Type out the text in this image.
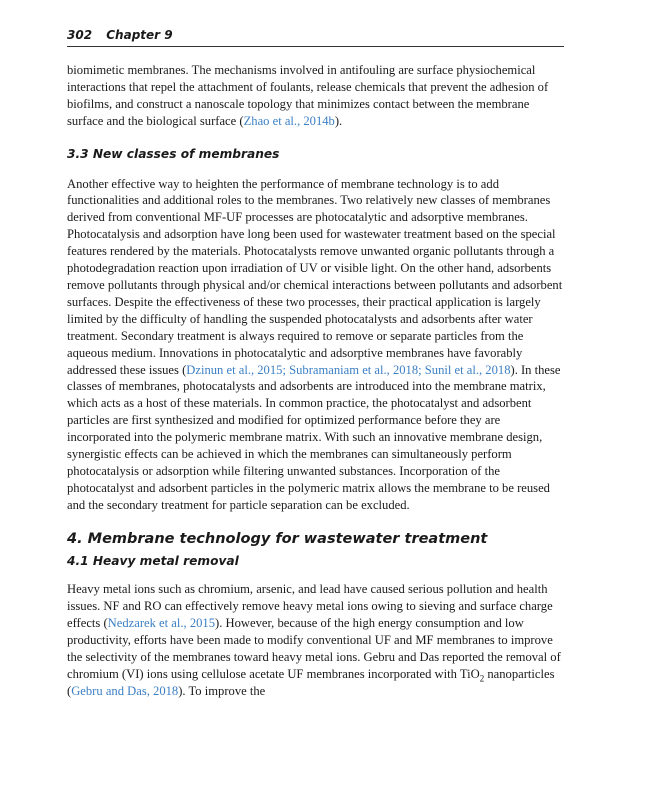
302 Chapter 9

biomimetic membranes. The mechanisms involved in antifouling are surface physiochemical interactions that repel the attachment of foulants, release chemicals that prevent the adhesion of biofilms, and construct a nanoscale topology that minimizes contact between the membrane surface and the biological surface (Zhao et al., 2014b).

3.3 New classes of membranes

Another effective way to heighten the performance of membrane technology is to add functionalities and additional roles to the membranes. Two relatively new classes of membranes derived from conventional MF-UF processes are photocatalytic and adsorptive membranes. Photocatalysis and adsorption have long been used for wastewater treatment based on the special features rendered by the materials. Photocatalysts remove unwanted organic pollutants through a photodegradation reaction upon irradiation of UV or visible light. On the other hand, adsorbents remove pollutants through physical and/or chemical interactions between pollutants and adsorbent surfaces. Despite the effectiveness of these two processes, their practical application is largely limited by the difficulty of handling the suspended photocatalysts and adsorbents after water treatment. Secondary treatment is always required to remove or separate particles from the aqueous medium. Innovations in photocatalytic and adsorptive membranes have favorably addressed these issues (Dzinun et al., 2015; Subramaniam et al., 2018; Sunil et al., 2018). In these classes of membranes, photocatalysts and adsorbents are introduced into the membrane matrix, which acts as a host of these materials. In common practice, the photocatalyst and adsorbent particles are first synthesized and modified for optimized performance before they are incorporated into the polymeric membrane matrix. With such an innovative membrane design, synergistic effects can be achieved in which the membranes can simultaneously perform photocatalysis or adsorption while filtering unwanted substances. Incorporation of the photocatalyst and adsorbent particles in the polymeric matrix allows the membrane to be reused and the secondary treatment for particle separation can be excluded.

4. Membrane technology for wastewater treatment
4.1 Heavy metal removal

Heavy metal ions such as chromium, arsenic, and lead have caused serious pollution and health issues. NF and RO can effectively remove heavy metal ions owing to sieving and surface charge effects (Nedzarek et al., 2015). However, because of the high energy consumption and low productivity, efforts have been made to modify conventional UF and MF membranes to improve the selectivity of the membranes toward heavy metal ions. Gebru and Das reported the removal of chromium (VI) ions using cellulose acetate UF membranes incorporated with TiO$_2$ nanoparticles (Gebru and Das, 2018). To improve the
